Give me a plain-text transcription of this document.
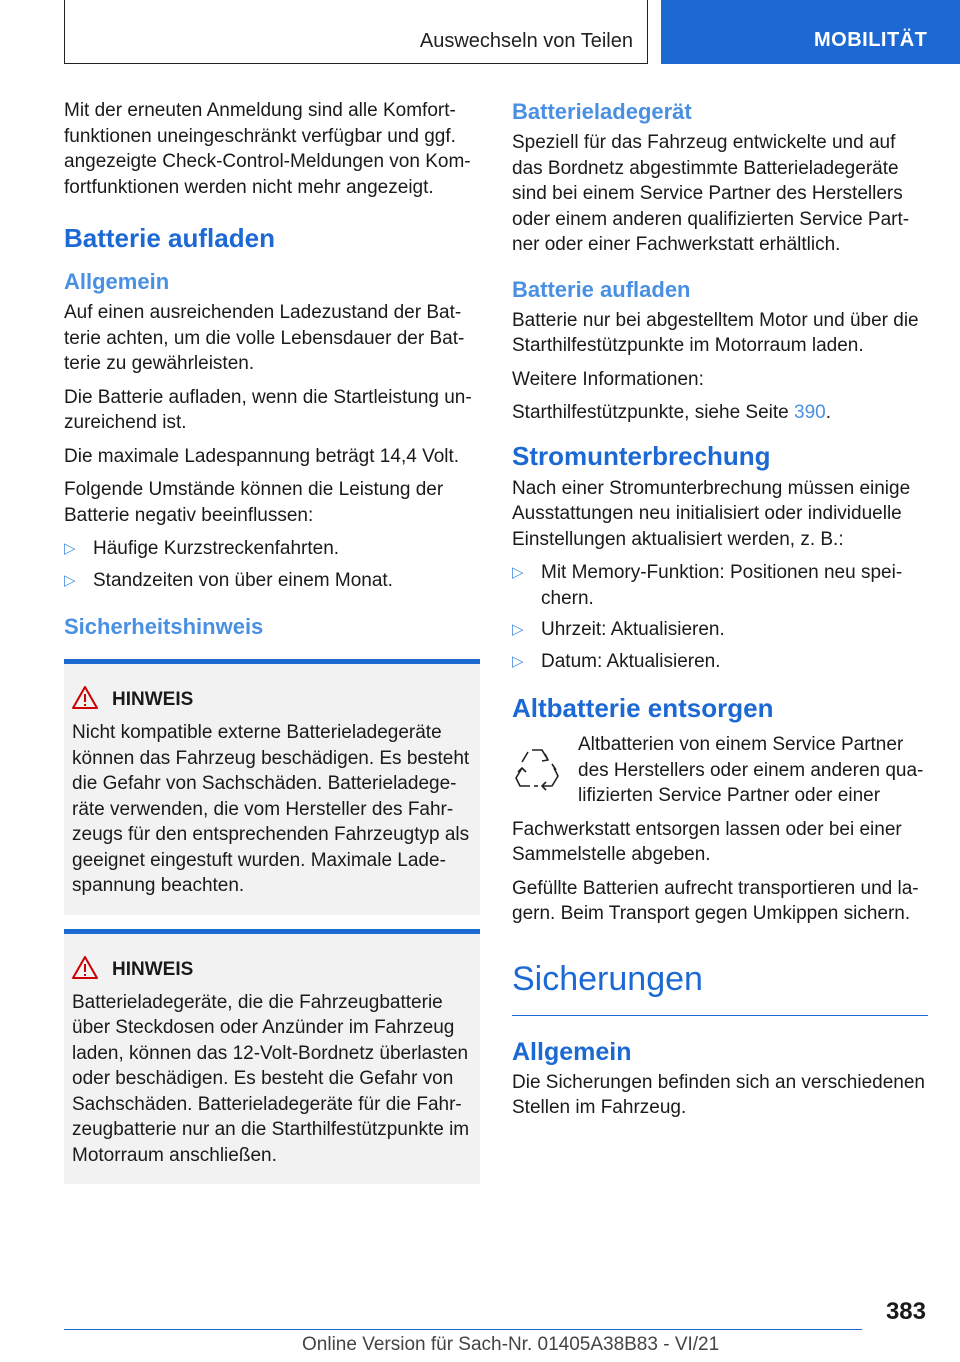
Auswechseln von Teilen	MOBILITÄT

Mit der erneuten Anmeldung sind alle Komfortfunktionen uneingeschränkt verfügbar und ggf. angezeigte Check-Control-Meldungen von Komfortfunktionen werden nicht mehr angezeigt.

Batterie aufladen
Allgemein

Auf einen ausreichenden Ladezustand der Batterie achten, um die volle Lebensdauer der Batterie zu gewährleisten.

Die Batterie aufladen, wenn die Startleistung unzureichend ist.

Die maximale Ladespannung beträgt 14,4 Volt.

Folgende Umstände können die Leistung der Batterie negativ beeinflussen:

▷ Häufige Kurzstreckenfahrten.
▷ Standzeiten von über einem Monat.
Sicherheitshinweis
HINWEIS

Nicht kompatible externe Batterieladegeräte können das Fahrzeug beschädigen. Es besteht die Gefahr von Sachschäden. Batterieladegeräte verwenden, die vom Hersteller des Fahrzeugs für den entsprechenden Fahrzeugtyp als geeignet eingestuft wurden. Maximale Ladespannung beachten.

HINWEIS

Batterieladegeräte, die die Fahrzeugbatterie über Steckdosen oder Anzünder im Fahrzeug laden, können das 12-Volt-Bordnetz überlasten oder beschädigen. Es besteht die Gefahr von Sachschäden. Batterieladegeräte für die Fahrzeugbatterie nur an die Starthilfestützpunkte im Motorraum anschließen.

Batterieladegerät

Speziell für das Fahrzeug entwickelte und auf das Bordnetz abgestimmte Batterieladegeräte sind bei einem Service Partner des Herstellers oder einem anderen qualifizierten Service Partner oder einer Fachwerkstatt erhältlich.

Batterie aufladen

Batterie nur bei abgestelltem Motor und über die Starthilfestützpunkte im Motorraum laden.

Weitere Informationen:

Starthilfestützpunkte, siehe Seite 390.

Stromunterbrechung

Nach einer Stromunterbrechung müssen einige Ausstattungen neu initialisiert oder individuelle Einstellungen aktualisiert werden, z. B.:

▷ Mit Memory-Funktion: Positionen neu speichern.
▷ Uhrzeit: Aktualisieren.
▷ Datum: Aktualisieren.
Altbatterie entsorgen

Altbatterien von einem Service Partner des Herstellers oder einem anderen qualifizierten Service Partner oder einer

Fachwerkstatt entsorgen lassen oder bei einer Sammelstelle abgeben.

Gefüllte Batterien aufrecht transportieren und lagern. Beim Transport gegen Umkippen sichern.

Sicherungen
Allgemein

Die Sicherungen befinden sich an verschiedenen Stellen im Fahrzeug.

383
Online Version für Sach-Nr. 01405A38B83 - VI/21
